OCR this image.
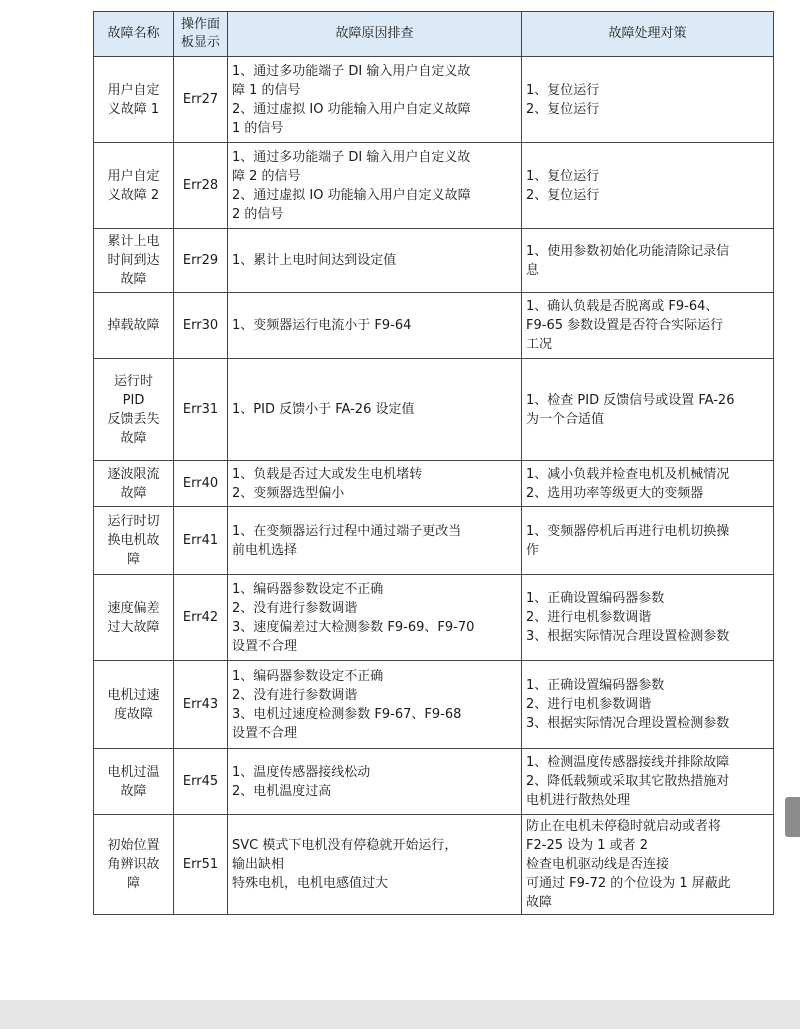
故障名称	操作面板显示	故障原因排查	故障处理对策

用户自定
义故障 1	Err27	1、通过多功能端子 DI 输入用户自定义故
障 1 的信号
2、通过虚拟 IO 功能输入用户自定义故障
1 的信号	1、复位运行
2、复位运行

用户自定
义故障 2	Err28	1、通过多功能端子 DI 输入用户自定义故
障 2 的信号
2、通过虚拟 IO 功能输入用户自定义故障
2 的信号	1、复位运行
2、复位运行

累计上电
时间到达
故障	Err29	1、累计上电时间达到设定值	1、使用参数初始化功能清除记录信
息

掉载故障	Err30	1、变频器运行电流小于 F9-64	1、确认负载是否脱离或 F9-64、
F9-65 参数设置是否符合实际运行
工况

运行时
PID
反馈丢失
故障	Err31	1、PID 反馈小于 FA-26 设定值	1、检查 PID 反馈信号或设置 FA-26
为一个合适值

逐波限流
故障	Err40	1、负载是否过大或发生电机堵转
2、变频器选型偏小	1、减小负载并检查电机及机械情况
2、选用功率等级更大的变频器

运行时切
换电机故
障	Err41	1、在变频器运行过程中通过端子更改当
前电机选择	1、变频器停机后再进行电机切换操
作

速度偏差
过大故障	Err42	1、编码器参数设定不正确
2、没有进行参数调谐
3、速度偏差过大检测参数 F9-69、F9-70
设置不合理	1、正确设置编码器参数
2、进行电机参数调谐
3、根据实际情况合理设置检测参数

电机过速
度故障	Err43	1、编码器参数设定不正确
2、没有进行参数调谐
3、电机过速度检测参数 F9-67、F9-68
设置不合理	1、正确设置编码器参数
2、进行电机参数调谐
3、根据实际情况合理设置检测参数

电机过温
故障	Err45	1、温度传感器接线松动
2、电机温度过高	1、检测温度传感器接线并排除故障
2、降低载频或采取其它散热措施对
电机进行散热处理

初始位置
角辨识故
障	Err51	SVC 模式下电机没有停稳就开始运行，
输出缺相
特殊电机，电机电感值过大	防止在电机未停稳时就启动或者将
F2-25 设为 1 或者 2
检查电机驱动线是否连接
可通过 F9-72 的个位设为 1 屏蔽此
故障
